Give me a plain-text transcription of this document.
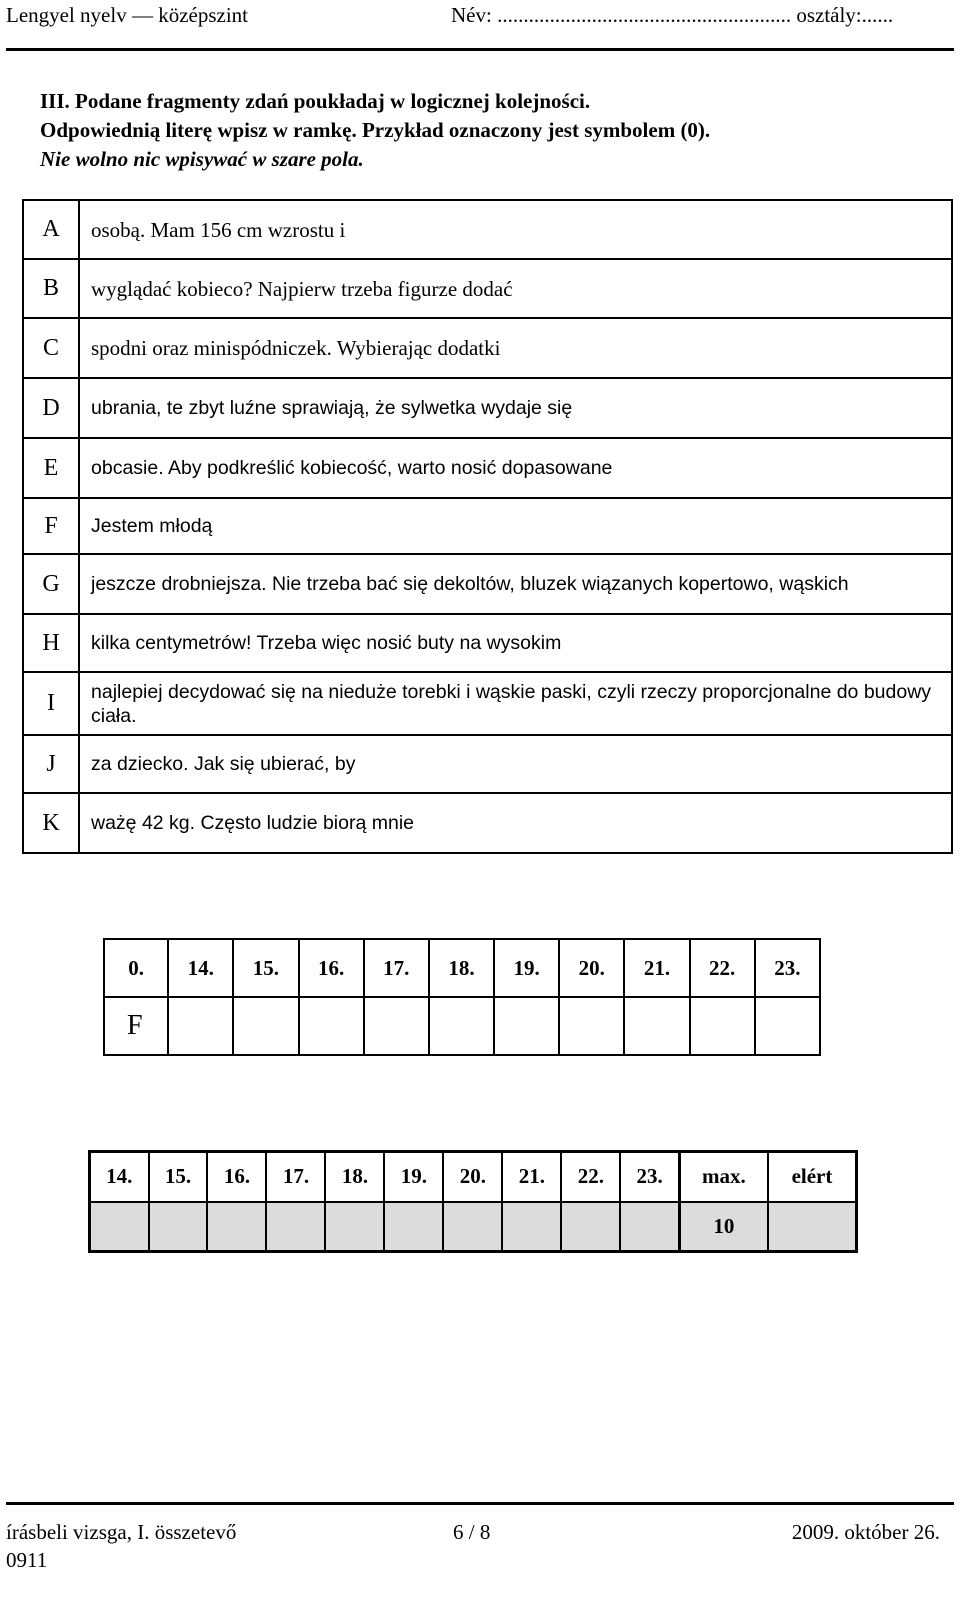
Lengyel nyelv — középszint	Név: ........................................................ osztály:......
III. Podane fragmenty zdań poukładaj w logicznej kolejności.
Odpowiednią literę wpisz w ramkę. Przykład oznaczony jest symbolem (0).
Nie wolno nic wpisywać w szare pola.
A	osobą. Mam 156 cm wzrostu i
B	wyglądać kobieco? Najpierw trzeba figurze dodać
C	spodni oraz minispódniczek. Wybierając dodatki
D	ubrania, te zbyt luźne sprawiają, że sylwetka wydaje się
E	obcasie. Aby podkreślić kobiecość, warto nosić dopasowane
F	Jestem młodą
G	jeszcze drobniejsza. Nie trzeba bać się dekoltów, bluzek wiązanych kopertowo, wąskich
H	kilka centymetrów! Trzeba więc nosić buty na wysokim
I	najlepiej decydować się na nieduże torebki i wąskie paski, czyli rzeczy proporcjonalne do budowy ciała.
J	za dziecko. Jak się ubierać, by
K	ważę 42 kg. Często ludzie biorą mnie
0.	14.	15.	16.	17.	18.	19.	20.	21.	22.	23.
F										
14.	15.	16.	17.	18.	19.	20.	21.	22.	23.	max.	elért
										10	
írásbeli vizsga, I. összetevő	6 / 8	2009. október 26.
0911
